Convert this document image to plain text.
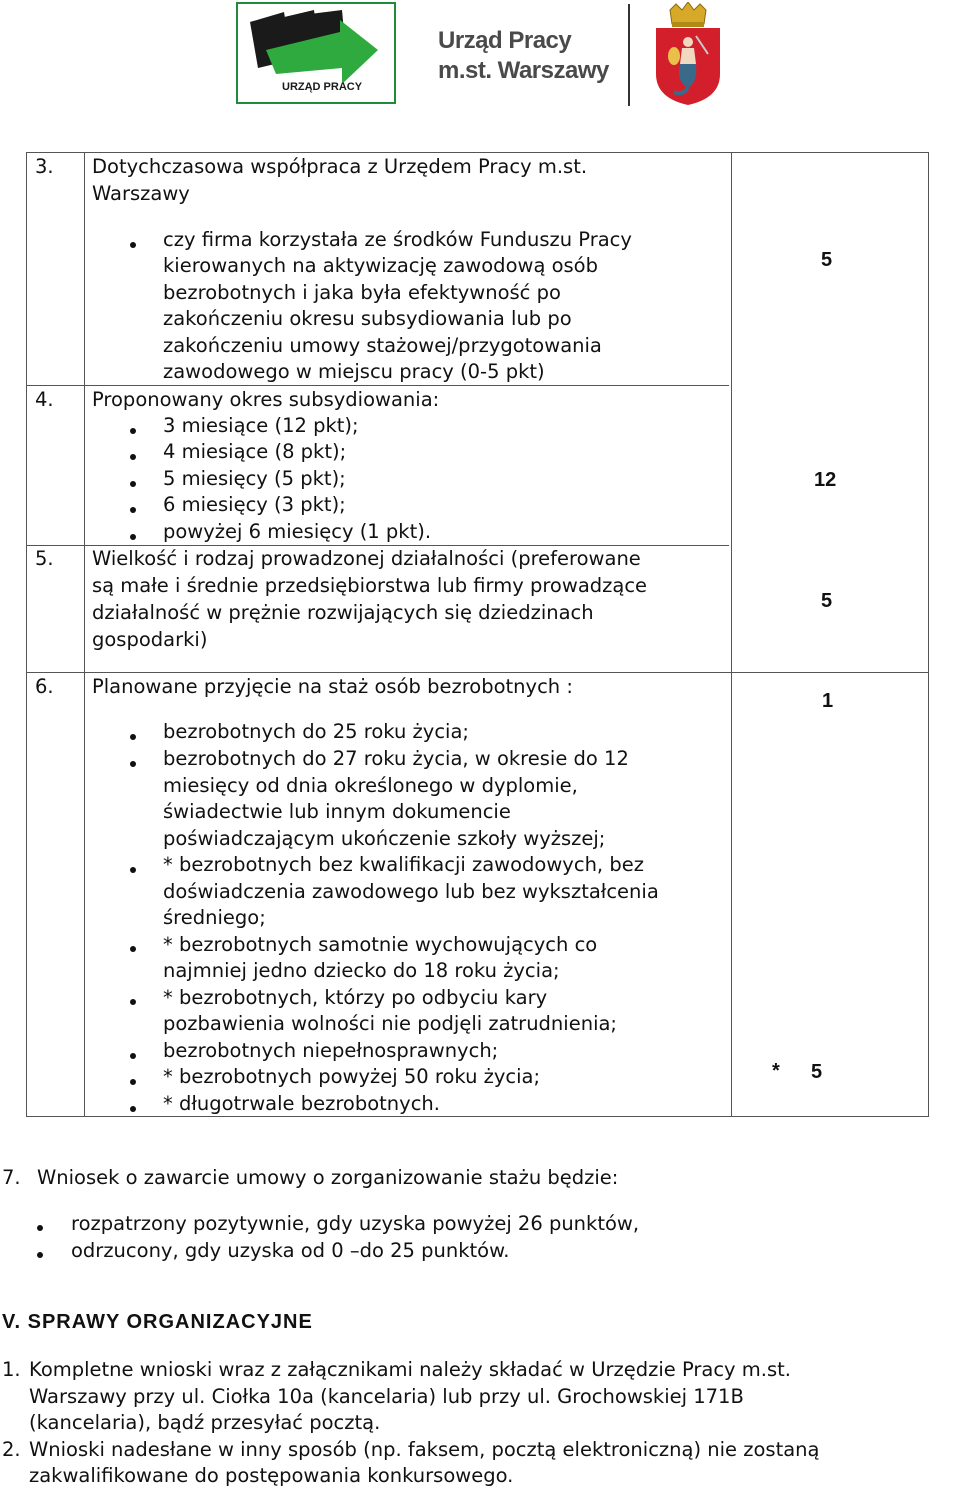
URZĄD PRACY
Urząd Pracy
m.st. Warszawy
3. Dotychczasowa współpraca z Urzędem Pracy m.st.
Warszawy
czy firma korzystała ze środków Funduszu Pracy
kierowanych na aktywizację zawodową osób
bezrobotnych i jaka była efektywność po
zakończeniu okresu subsydiowania lub po
zakończeniu umowy stażowej/przygotowania
zawodowego w miejscu pracy (0-5 pkt)
5
4. Proponowany okres subsydiowania:
3 miesiące (12 pkt);
4 miesiące (8 pkt);
5 miesięcy (5 pkt);
6 miesięcy (3 pkt);
powyżej 6 miesięcy (1 pkt).
12
5. Wielkość i rodzaj prowadzonej działalności (preferowane
są małe i średnie przedsiębiorstwa lub firmy prowadzące
działalność w prężnie rozwijających się dziedzinach
gospodarki)
5
6. Planowane przyjęcie na staż osób bezrobotnych :
bezrobotnych do 25 roku życia;
bezrobotnych do 27 roku życia, w okresie do 12
miesięcy od dnia określonego w dyplomie,
świadectwie lub innym dokumencie
poświadczającym ukończenie szkoły wyższej;
* bezrobotnych bez kwalifikacji zawodowych, bez
doświadczenia zawodowego lub bez wykształcenia
średniego;
* bezrobotnych samotnie wychowujących co
najmniej jedno dziecko do 18 roku życia;
* bezrobotnych, którzy po odbyciu kary
pozbawienia wolności nie podjęli zatrudnienia;
bezrobotnych niepełnosprawnych;
* bezrobotnych powyżej 50 roku życia;
* długotrwale bezrobotnych.
1
* 5
7. Wniosek o zawarcie umowy o zorganizowanie stażu będzie:
rozpatrzony pozytywnie, gdy uzyska powyżej 26 punktów,
odrzucony, gdy uzyska od 0 –do 25 punktów.
V. SPRAWY ORGANIZACYJNE
1. Kompletne wnioski wraz z załącznikami należy składać w Urzędzie Pracy m.st.
Warszawy przy ul. Ciołka 10a (kancelaria) lub przy ul. Grochowskiej 171B
(kancelaria), bądź przesyłać pocztą.
2. Wnioski nadesłane w inny sposób (np. faksem, pocztą elektroniczną) nie zostaną
zakwalifikowane do postępowania konkursowego.
